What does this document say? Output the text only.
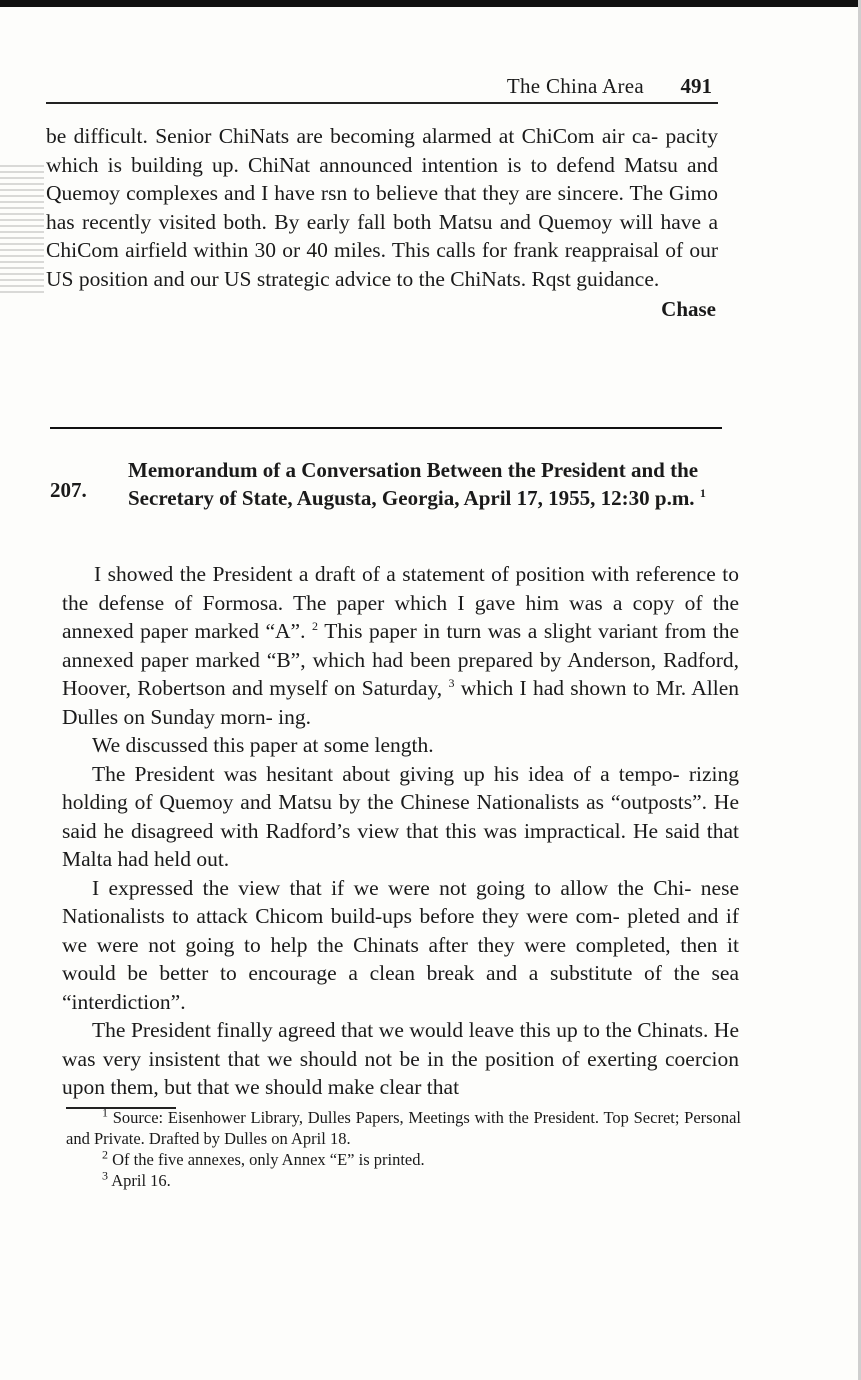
The China Area 491

be difficult. Senior ChiNats are becoming alarmed at ChiCom air ca- pacity which is building up. ChiNat announced intention is to defend Matsu and Quemoy complexes and I have rsn to believe that they are sincere. The Gimo has recently visited both. By early fall both Matsu and Quemoy will have a ChiCom airfield within 30 or 40 miles. This calls for frank reappraisal of our US position and our US strategic advice to the ChiNats. Rqst guidance.

Chase
207.
Memorandum of a Conversation Between the President and the Secretary of State, Augusta, Georgia, April 17, 1955, 12:30 p.m. $^1$

I showed the President a draft of a statement of position with reference to the defense of Formosa. The paper which I gave him was a copy of the annexed paper marked “A”. $^2$ This paper in turn was a slight variant from the annexed paper marked “B”, which had been prepared by Anderson, Radford, Hoover, Robertson and myself on Saturday, $^3$ which I had shown to Mr. Allen Dulles on Sunday morn- ing.

We discussed this paper at some length.

The President was hesitant about giving up his idea of a tempo- rizing holding of Quemoy and Matsu by the Chinese Nationalists as “outposts”. He said he disagreed with Radford’s view that this was impractical. He said that Malta had held out.

I expressed the view that if we were not going to allow the Chi- nese Nationalists to attack Chicom build-ups before they were com- pleted and if we were not going to help the Chinats after they were completed, then it would be better to encourage a clean break and a substitute of the sea “interdiction”.

The President finally agreed that we would leave this up to the Chinats. He was very insistent that we should not be in the position of exerting coercion upon them, but that we should make clear that

$^1$ Source: Eisenhower Library, Dulles Papers, Meetings with the President. Top Secret; Personal and Private. Drafted by Dulles on April 18.

$^2$ Of the five annexes, only Annex “E” is printed.

$^3$ April 16.
